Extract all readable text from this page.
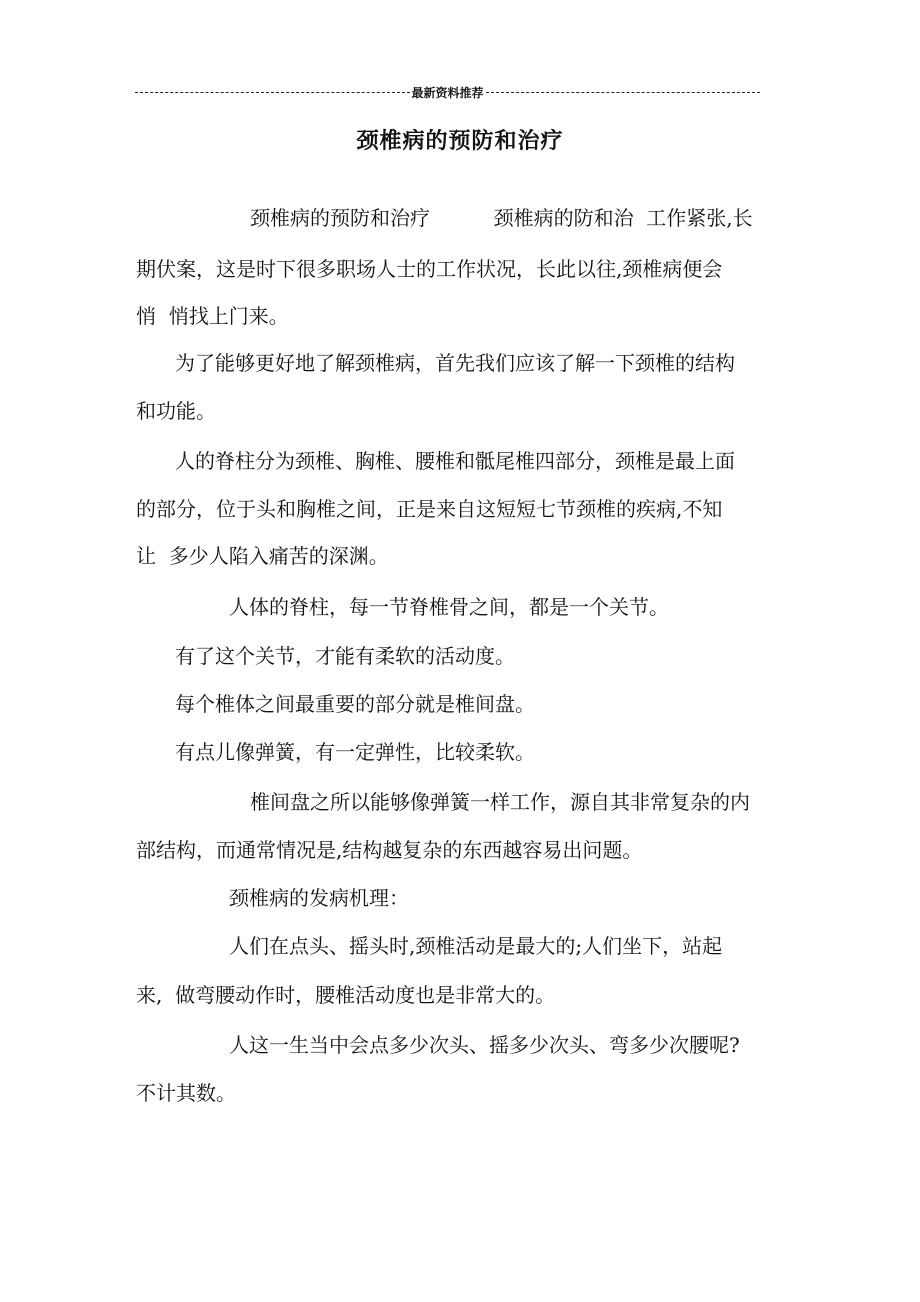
最新资料推荐
颈椎病的预防和治疗
颈椎病的预防和治疗          颈椎病的防和治  工作紧张,长
期伏案，这是时下很多职场人士的工作状况，长此以往,颈椎病便会
悄  悄找上门来。
为了能够更好地了解颈椎病，首先我们应该了解一下颈椎的结构
和功能。
人的脊柱分为颈椎、胸椎、腰椎和骶尾椎四部分，颈椎是最上面
的部分，位于头和胸椎之间，正是来自这短短七节颈椎的疾病,不知
让  多少人陷入痛苦的深渊。
人体的脊柱，每一节脊椎骨之间，都是一个关节。
有了这个关节，才能有柔软的活动度。
每个椎体之间最重要的部分就是椎间盘。
有点儿像弹簧，有一定弹性，比较柔软。
椎间盘之所以能够像弹簧一样工作，源自其非常复杂的内
部结构，而通常情况是,结构越复杂的东西越容易出问题。
颈椎病的发病机理：
人们在点头、摇头时,颈椎活动是最大的;人们坐下，站起
来,  做弯腰动作时，腰椎活动度也是非常大的。
人这一生当中会点多少次头、摇多少次头、弯多少次腰呢?
不计其数。
